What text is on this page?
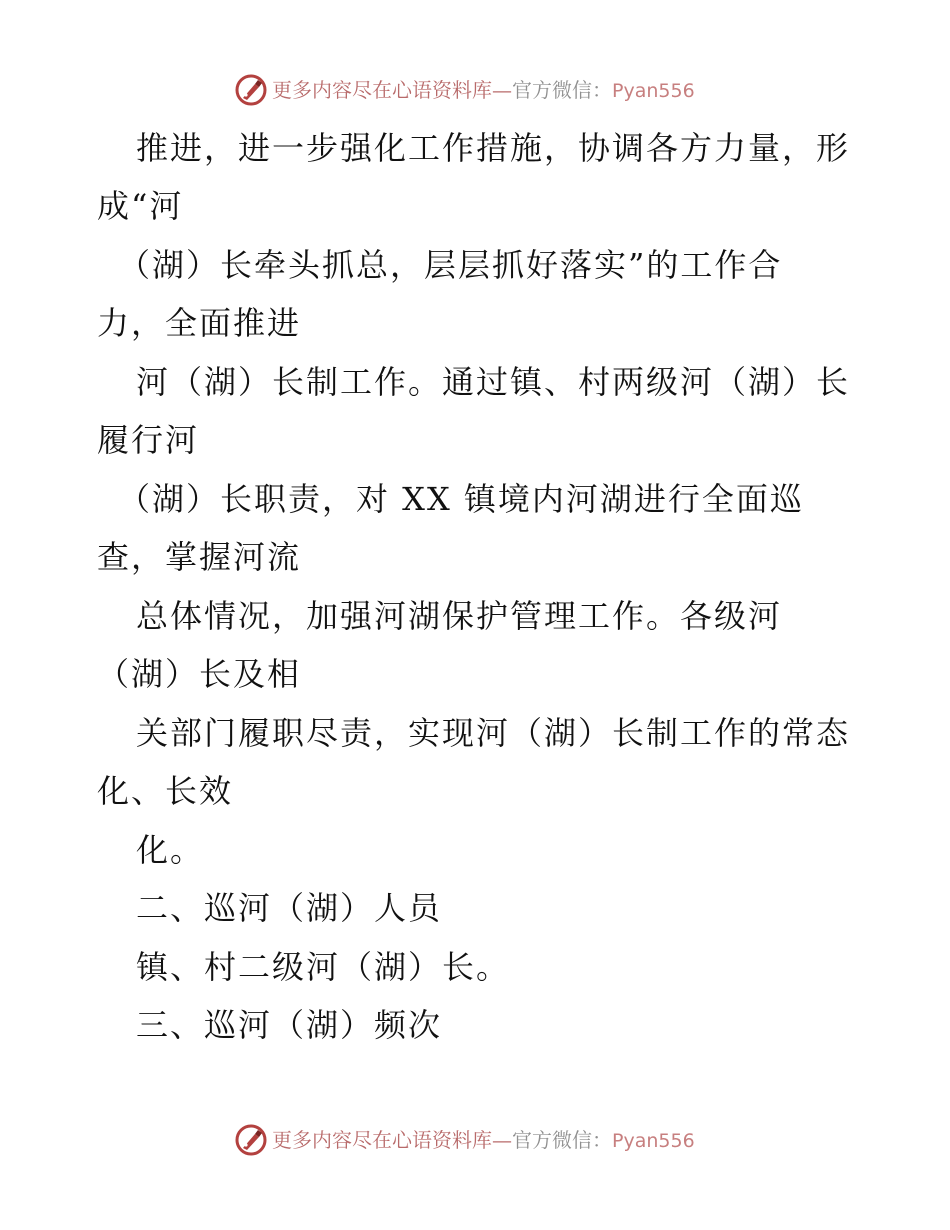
更多内容尽在心语资料库—官方微信：Pyan556
推进，进一步强化工作措施，协调各方力量，形
成“河
（湖）长牵头抓总，层层抓好落实”的工作合
力，全面推进
河（湖）长制工作。通过镇、村两级河（湖）长
履行河
（湖）长职责，对 XX 镇境内河湖进行全面巡
查，掌握河流
总体情况，加强河湖保护管理工作。各级河
（湖）长及相
关部门履职尽责，实现河（湖）长制工作的常态
化、长效
化。
二、巡河（湖）人员
镇、村二级河（湖）长。
三、巡河（湖）频次
更多内容尽在心语资料库—官方微信：Pyan556
